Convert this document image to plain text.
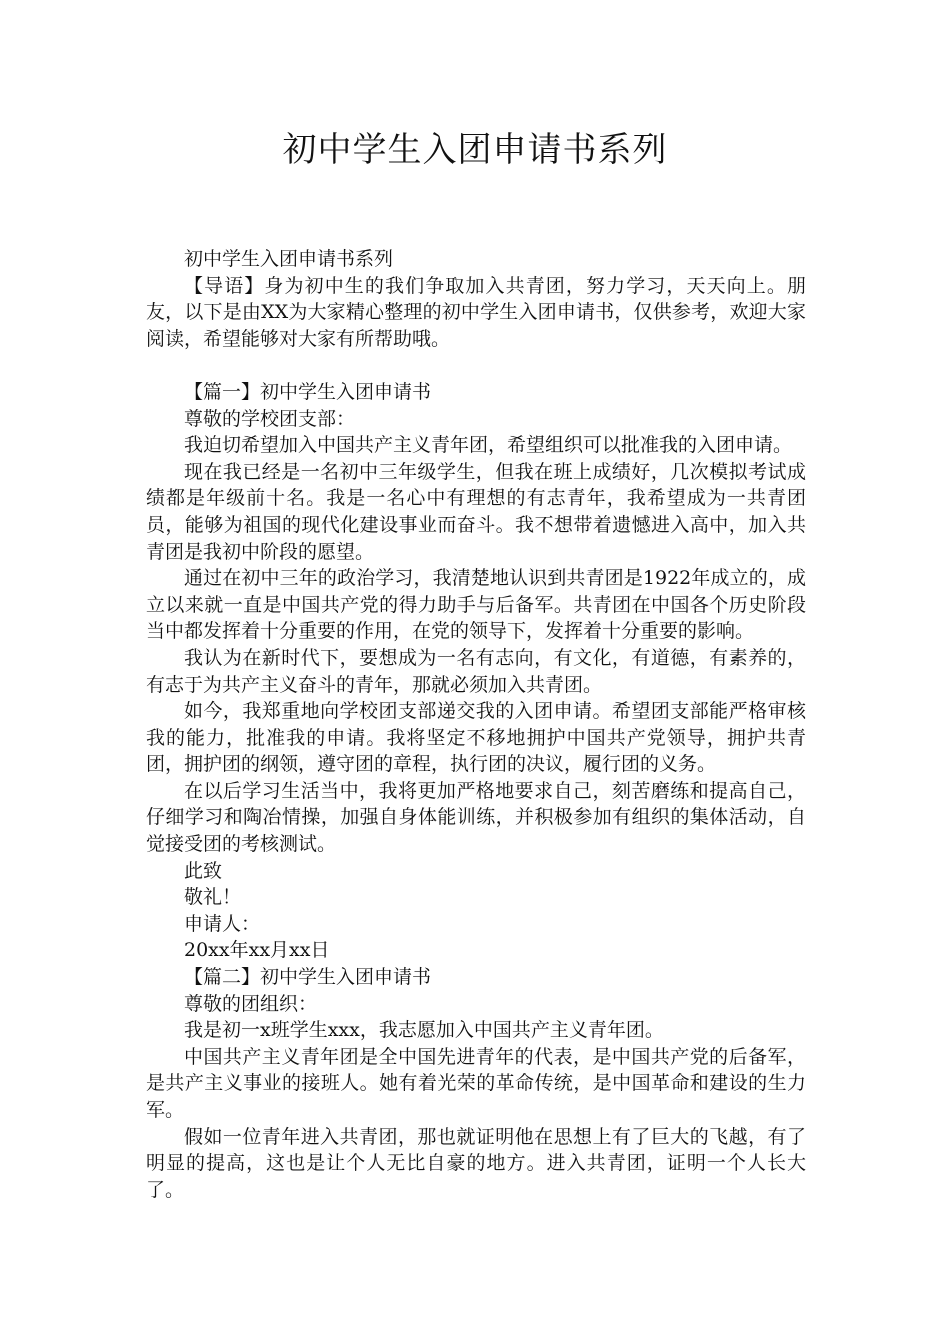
初中学生入团申请书系列

初中学生入团申请书系列

【导语】身为初中生的我们争取加入共青团，努力学习，天天向上。朋友，以下是由XX为大家精心整理的初中学生入团申请书，仅供参考，欢迎大家阅读，希望能够对大家有所帮助哦。

【篇一】初中学生入团申请书

尊敬的学校团支部：

我迫切希望加入中国共产主义青年团，希望组织可以批准我的入团申请。

现在我已经是一名初中三年级学生，但我在班上成绩好，几次模拟考试成绩都是年级前十名。我是一名心中有理想的有志青年，我希望成为一共青团员，能够为祖国的现代化建设事业而奋斗。我不想带着遗憾进入高中，加入共青团是我初中阶段的愿望。

通过在初中三年的政治学习，我清楚地认识到共青团是1922年成立的，成立以来就一直是中国共产党的得力助手与后备军。共青团在中国各个历史阶段当中都发挥着十分重要的作用，在党的领导下，发挥着十分重要的影响。

我认为在新时代下，要想成为一名有志向，有文化，有道德，有素养的，有志于为共产主义奋斗的青年，那就必须加入共青团。

如今，我郑重地向学校团支部递交我的入团申请。希望团支部能严格审核我的能力，批准我的申请。我将坚定不移地拥护中国共产党领导，拥护共青团，拥护团的纲领，遵守团的章程，执行团的决议，履行团的义务。

在以后学习生活当中，我将更加严格地要求自己，刻苦磨练和提高自己，仔细学习和陶冶情操，加强自身体能训练，并积极参加有组织的集体活动，自觉接受团的考核测试。

此致

敬礼！

申请人：

20xx年xx月xx日

【篇二】初中学生入团申请书

尊敬的团组织：

我是初一x班学生xxx，我志愿加入中国共产主义青年团。

中国共产主义青年团是全中国先进青年的代表，是中国共产党的后备军，是共产主义事业的接班人。她有着光荣的革命传统，是中国革命和建设的生力军。

假如一位青年进入共青团，那也就证明他在思想上有了巨大的飞越，有了明显的提高，这也是让个人无比自豪的地方。进入共青团，证明一个人长大了。
